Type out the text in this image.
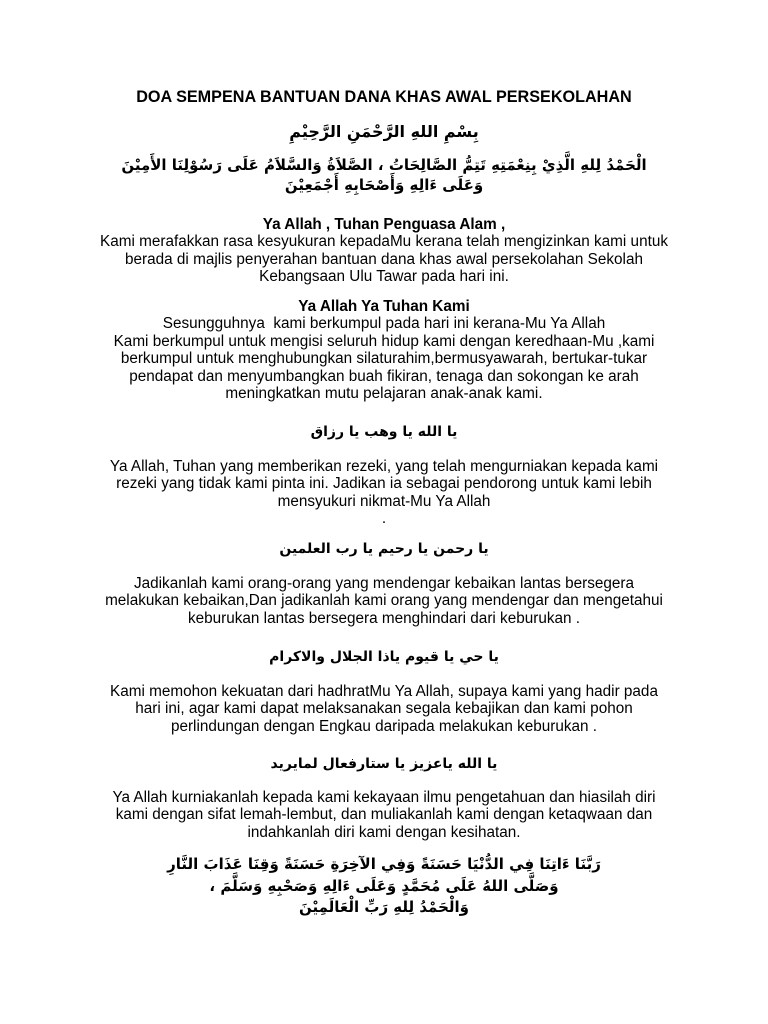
DOA SEMPENA BANTUAN DANA KHAS AWAL PERSEKOLAHAN
بِسْمِ اللهِ الرَّحْمَنِ الرَّحِيْمِ
الْحَمْدُ لِلهِ الَّذِيْ بِنِعْمَتِهِ تَتِمُّ الصَّالِحَاتُ ، الصَّلاَةُ وَالسَّلاَمُ عَلَى رَسُوْلِنَا الأَمِيْنَ
وَعَلَى ءَالِهِ وَأَصْحَابِهِ أَجْمَعِيْنَ
Ya Allah , Tuhan Penguasa Alam ,
Kami merafakkan rasa kesyukuran kepadaMu kerana telah mengizinkan kami untuk
berada di majlis penyerahan bantuan dana khas awal persekolahan Sekolah
Kebangsaan Ulu Tawar pada hari ini.
Ya Allah Ya Tuhan Kami
Sesungguhnya  kami berkumpul pada hari ini kerana-Mu Ya Allah
Kami berkumpul untuk mengisi seluruh hidup kami dengan keredhaan-Mu ,kami
berkumpul untuk menghubungkan silaturahim,bermusyawarah, bertukar-tukar
pendapat dan menyumbangkan buah fikiran, tenaga dan sokongan ke arah
meningkatkan mutu pelajaran anak-anak kami.
يا الله يا وهب يا رزاق
Ya Allah, Tuhan yang memberikan rezeki, yang telah mengurniakan kepada kami
rezeki yang tidak kami pinta ini. Jadikan ia sebagai pendorong untuk kami lebih
mensyukuri nikmat-Mu Ya Allah
.
يا رحمن يا رحيم يا رب العلمين
Jadikanlah kami orang-orang yang mendengar kebaikan lantas bersegera
melakukan kebaikan,Dan jadikanlah kami orang yang mendengar dan mengetahui
keburukan lantas bersegera menghindari dari keburukan .
يا حي يا قيوم ياذا الجلال والاكرام
Kami memohon kekuatan dari hadhratMu Ya Allah, supaya kami yang hadir pada
hari ini, agar kami dapat melaksanakan segala kebajikan dan kami pohon
perlindungan dengan Engkau daripada melakukan keburukan .
يا الله ياعزيز يا ستارفعال لمايريد
Ya Allah kurniakanlah kepada kami kekayaan ilmu pengetahuan dan hiasilah diri
kami dengan sifat lemah-lembut, dan muliakanlah kami dengan ketaqwaan dan
indahkanlah diri kami dengan kesihatan.
رَبَّنَا ءَاتِنَا فِي الدُّنْيَا حَسَنَةً وَفِي الآخِرَةِ حَسَنَةً وَقِنَا عَذَابَ النَّارِ
وَصَلَّى اللهُ عَلَى مُحَمَّدٍ وَعَلَى ءَالِهِ وَصَحْبِهِ وَسَلَّمَ ،
وَالْحَمْدُ لِلهِ رَبِّ الْعَالَمِيْنَ
